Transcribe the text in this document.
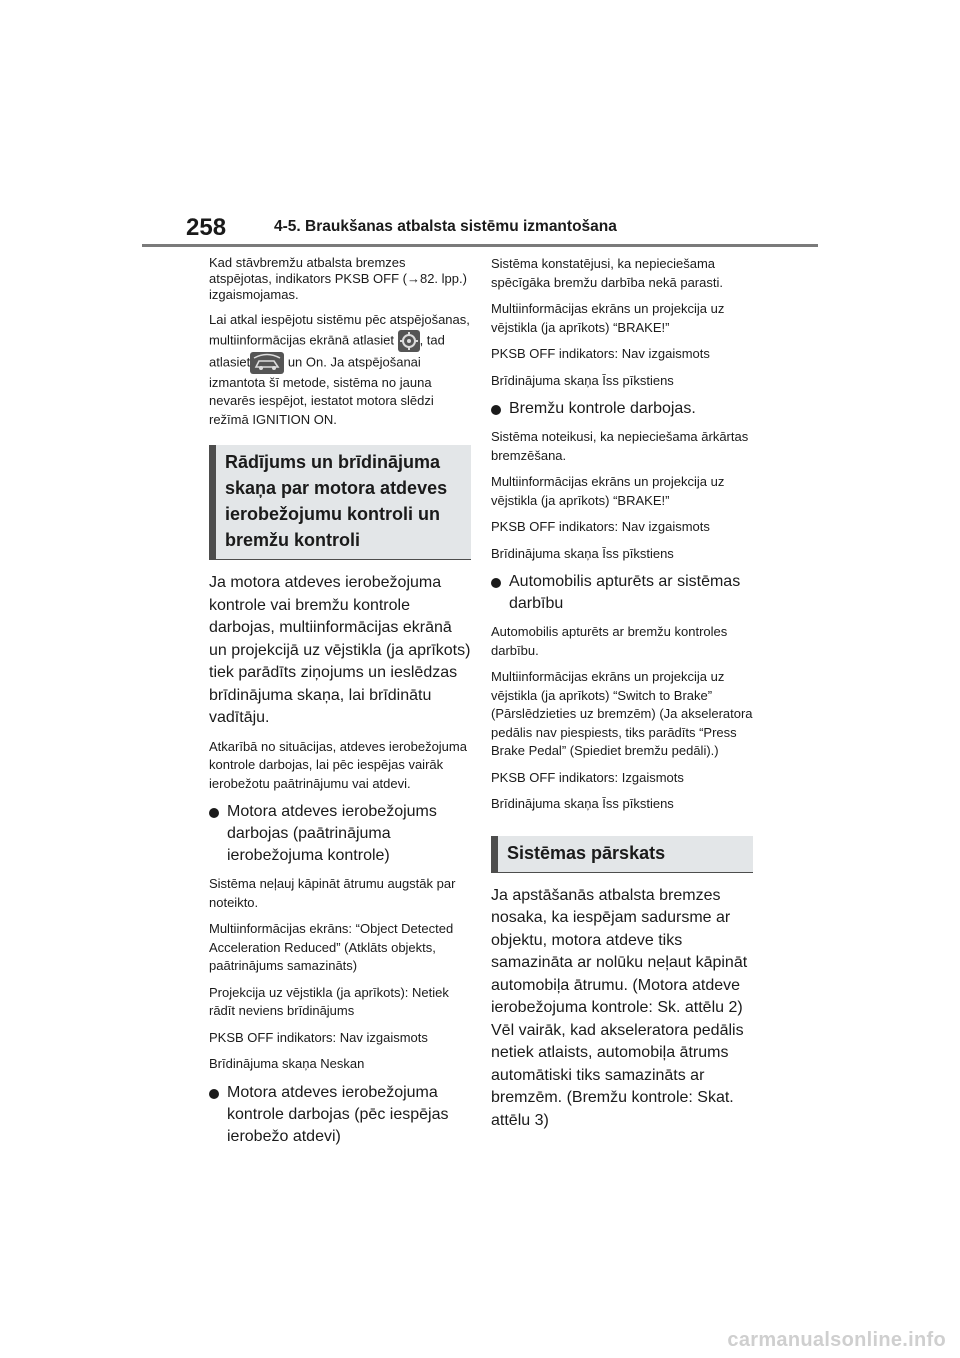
258	4-5. Braukšanas atbalsta sistēmu izmantošana

Kad stāvbremžu atbalsta bremzes atspējotas, indikators PKSB OFF (→82. lpp.) izgaismojamas.

Lai atkal iespējotu sistēmu pēc atspējošanas, multiinformācijas ekrānā atlasiet
, tad atlasiet	un On. Ja atspējošanai izmantota šī metode, sistēma no jauna nevarēs iespējot, iestatot motora slēdzi režīmā IGNITION ON.

Rādījums un brīdinājuma skaņa par motora atdeves ierobežojumu kontroli un bremžu kontroli

Ja motora atdeves ierobežojuma kontrole vai bremžu kontrole darbojas, multiinformācijas ekrānā un projekcijā uz vējstikla (ja aprīkots) tiek parādīts ziņojums un ieslēdzas brīdinājuma skaņa, lai brīdinātu vadītāju.

Atkarībā no situācijas, atdeves ierobežojuma kontrole darbojas, lai pēc iespējas vairāk ierobežotu paātrinājumu vai atdevi.

Motora atdeves ierobežojums darbojas (paātrinājuma ierobežojuma kontrole)

Sistēma neļauj kāpināt ātrumu augstāk par noteikto.

Multiinformācijas ekrāns: “Object Detected Acceleration Reduced” (Atklāts objekts, paātrinājums samazināts)

Projekcija uz vējstikla (ja aprīkots): Netiek rādīt neviens brīdinājums

PKSB OFF indikators: Nav izgaismots

Brīdinājuma skaņa Neskan

Motora atdeves ierobežojuma kontrole darbojas (pēc iespējas ierobežo atdevi)

Sistēma konstatējusi, ka nepieciešama spēcīgāka bremžu darbība nekā parasti.

Multiinformācijas ekrāns un projekcija uz vējstikla (ja aprīkots) “BRAKE!”

PKSB OFF indikators: Nav izgaismots

Brīdinājuma skaņa Īss pīkstiens

Bremžu kontrole darbojas.

Sistēma noteikusi, ka nepieciešama ārkārtas bremzēšana.

Multiinformācijas ekrāns un projekcija uz vējstikla (ja aprīkots) “BRAKE!”

PKSB OFF indikators: Nav izgaismots

Brīdinājuma skaņa Īss pīkstiens

Automobilis apturēts ar sistēmas darbību

Automobilis apturēts ar bremžu kontroles darbību.

Multiinformācijas ekrāns un projekcija uz vējstikla (ja aprīkots) “Switch to Brake” (Pārslēdzieties uz bremzēm) (Ja akseleratora pedālis nav piespiests, tiks parādīts “Press Brake Pedal” (Spiediet bremžu pedāli).)

PKSB OFF indikators: Izgaismots

Brīdinājuma skaņa Īss pīkstiens

Sistēmas pārskats

Ja apstāšanās atbalsta bremzes nosaka, ka iespējam sadursme ar objektu, motora atdeve tiks samazināta ar nolūku neļaut kāpināt automobiļa ātrumu. (Motora atdeve ierobežojuma kontrole: Sk. attēlu 2)

Vēl vairāk, kad akseleratora pedālis netiek atlaists, automobiļa ātrums automātiski tiks samazināts ar bremzēm. (Bremžu kontrole: Skat. attēlu 3)

carmanualsonline.info
